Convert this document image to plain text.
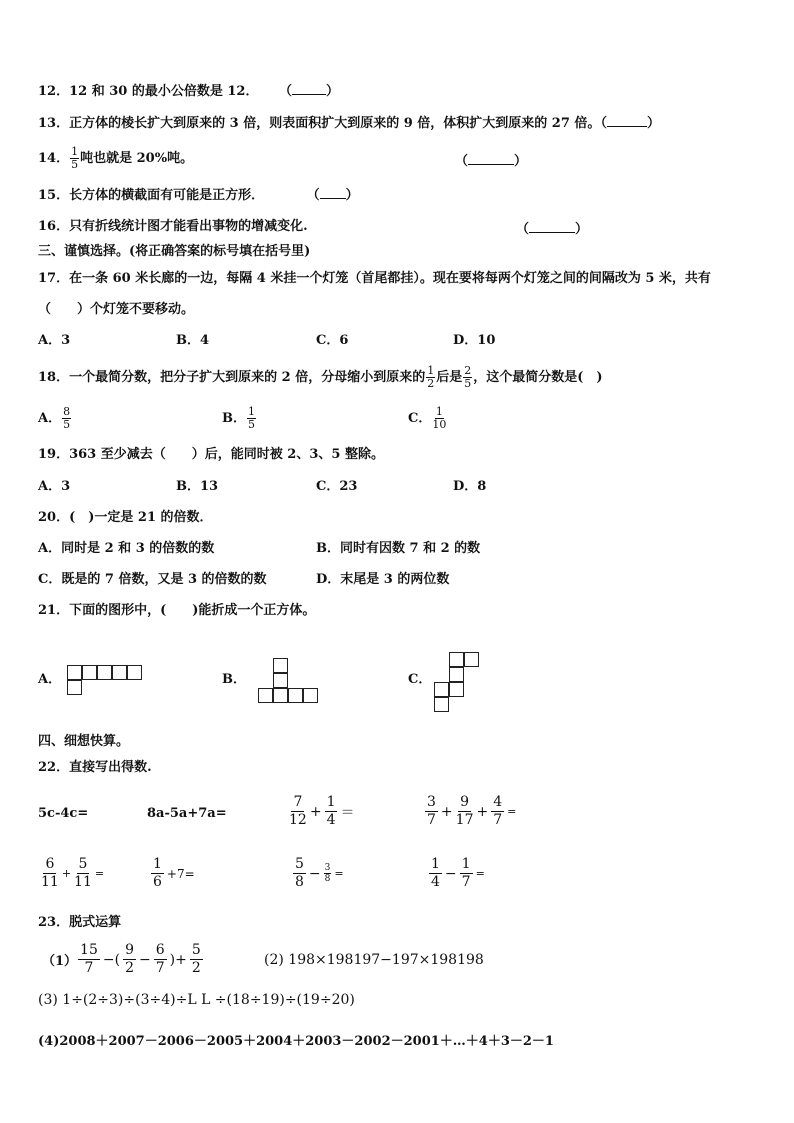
12．12 和 30 的最小公倍数是 12． （	）
13．正方体的棱长扩大到原来的 3 倍，则表面积扩大到原来的 9 倍，体积扩大到原来的 27 倍。（	）
14． $\frac{1}{5}$ 吨也就是 20%吨。	（	）
15．长方体的横截面有可能是正方形．	（ ）
16．只有折线统计图才能看出事物的增减变化.	（	）
三、谨慎选择。(将正确答案的标号填在括号里)
17．在一条 60 米长廊的一边，每隔 4 米挂一个灯笼（首尾都挂）。现在要将每两个灯笼之间的间隔改为 5 米，共有
（　　）个灯笼不要移动。
A．3	B．4	C．6	D．10
18．一个最简分数，把分子扩大到原来的 2 倍，分母缩小到原来的 $\frac{1}{2}$ 后是 $\frac{2}{5}$ ，这个最简分数是(　)
A． $\frac{8}{5}$	B． $\frac{1}{5}$	C． $\frac{1}{10}$
19．363 至少减去（　　）后，能同时被 2、3、5 整除。
A．3	B．13	C．23	D．8
20．(　)一定是 21 的倍数．
A．同时是 2 和 3 的倍数的数	B．同时有因数 7 和 2 的数
C．既是的 7 倍数，又是 3 的倍数的数	D．末尾是 3 的两位数
21．下面的图形中，(　　)能折成一个正方体。
A．	B．	C．
四、细想快算。
22．直接写出得数.
5c-4c=	8a-5a+7a=	$\frac{7}{12} + \frac{1}{4}$ ＝	$\frac{3}{7} + \frac{9}{17} + \frac{4}{7}$ =
$\frac{6}{11} + \frac{5}{11}$ =	$\frac{1}{6} +7=$	$\frac{5}{8} - \frac{3}{8}$ =	$\frac{1}{4} - \frac{1}{7}$ =
23．脱式运算
$(1) \frac{15}{7}$ −( $\frac{9}{2} - \frac{6}{7}$ )+ $\frac{5}{2}$	(2) 198×198197−197×198198
(3) 1÷(2÷3)÷(3÷4)÷L L ÷(18÷19)÷(19÷20)
(4)2008＋2007－2006－2005＋2004＋2003－2002－2001＋…＋4＋3－2－1
